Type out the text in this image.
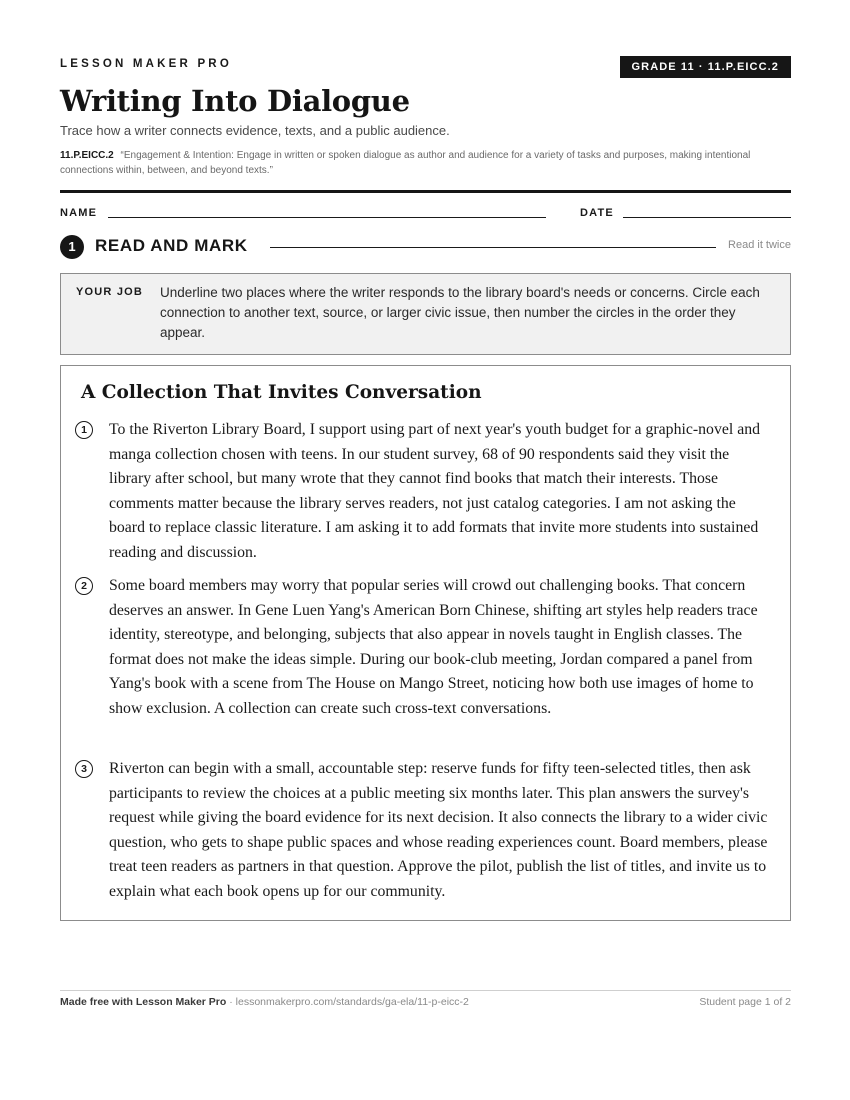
LESSON MAKER PRO	GRADE 11 · 11.P.EICC.2
Writing Into Dialogue
Trace how a writer connects evidence, texts, and a public audience.
11.P.EICC.2 “Engagement & Intention: Engage in written or spoken dialogue as author and audience for a variety of tasks and purposes, making intentional connections within, between, and beyond texts.”
NAME	DATE
1	READ AND MARK	Read it twice
YOUR JOB Underline two places where the writer responds to the library board's needs or concerns. Circle each connection to another text, source, or larger civic issue, then number the circles in the order they appear.
A Collection That Invites Conversation
1	To the Riverton Library Board, I support using part of next year's youth budget for a graphic-novel and manga collection chosen with teens. In our student survey, 68 of 90 respondents said they visit the library after school, but many wrote that they cannot find books that match their interests. Those comments matter because the library serves readers, not just catalog categories. I am not asking the board to replace classic literature. I am asking it to add formats that invite more students into sustained reading and discussion.

2	Some board members may worry that popular series will crowd out challenging books. That concern deserves an answer. In Gene Luen Yang's American Born Chinese, shifting art styles help readers trace identity, stereotype, and belonging, subjects that also appear in novels taught in English classes. The format does not make the ideas simple. During our book-club meeting, Jordan compared a panel from Yang's book with a scene from The House on Mango Street, noticing how both use images of home to show exclusion. A collection can create such cross-text conversations.

3	Riverton can begin with a small, accountable step: reserve funds for fifty teen-selected titles, then ask participants to review the choices at a public meeting six months later. This plan answers the survey's request while giving the board evidence for its next decision. It also connects the library to a wider civic question, who gets to shape public spaces and whose reading experiences count. Board members, please treat teen readers as partners in that question. Approve the pilot, publish the list of titles, and invite us to explain what each book opens up for our community.

Made free with Lesson Maker Pro · lessonmakerpro.com/standards/ga-ela/11-p-eicc-2	Student page 1 of 2
